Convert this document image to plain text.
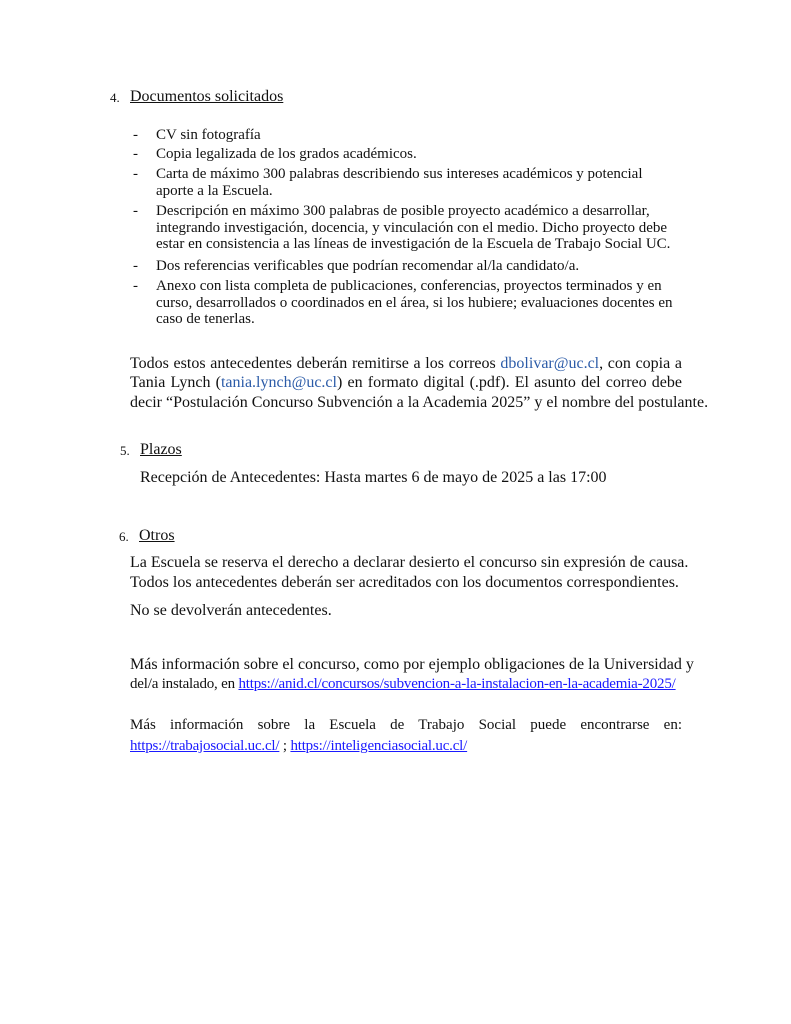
4. Documentos solicitados
- CV sin fotografía
- Copia legalizada de los grados académicos.
- Carta de máximo 300 palabras describiendo sus intereses académicos y potencial aporte a la Escuela.
- Descripción en máximo 300 palabras de posible proyecto académico a desarrollar, integrando investigación, docencia, y vinculación con el medio. Dicho proyecto debe estar en consistencia a las líneas de investigación de la Escuela de Trabajo Social UC.
- Dos referencias verificables que podrían recomendar al/la candidato/a.
- Anexo con lista completa de publicaciones, conferencias, proyectos terminados y en curso, desarrollados o coordinados en el área, si los hubiere; evaluaciones docentes en caso de tenerlas.
Todos estos antecedentes deberán remitirse a los correos dbolivar@uc.cl, con copia a
Tania Lynch (tania.lynch@uc.cl) en formato digital (.pdf). El asunto del correo debe
decir “Postulación Concurso Subvención a la Academia 2025” y el nombre del postulante.
5. Plazos
Recepción de Antecedentes: Hasta martes 6 de mayo de 2025 a las 17:00
6. Otros
La Escuela se reserva el derecho a declarar desierto el concurso sin expresión de causa.
Todos los antecedentes deberán ser acreditados con los documentos correspondientes.
No se devolverán antecedentes.
Más información sobre el concurso, como por ejemplo obligaciones de la Universidad y
del/a instalado, en https://anid.cl/concursos/subvencion-a-la-instalacion-en-la-academia-2025/
Más información sobre la Escuela de Trabajo Social puede encontrarse en:
https://trabajosocial.uc.cl/ ; https://inteligenciasocial.uc.cl/
